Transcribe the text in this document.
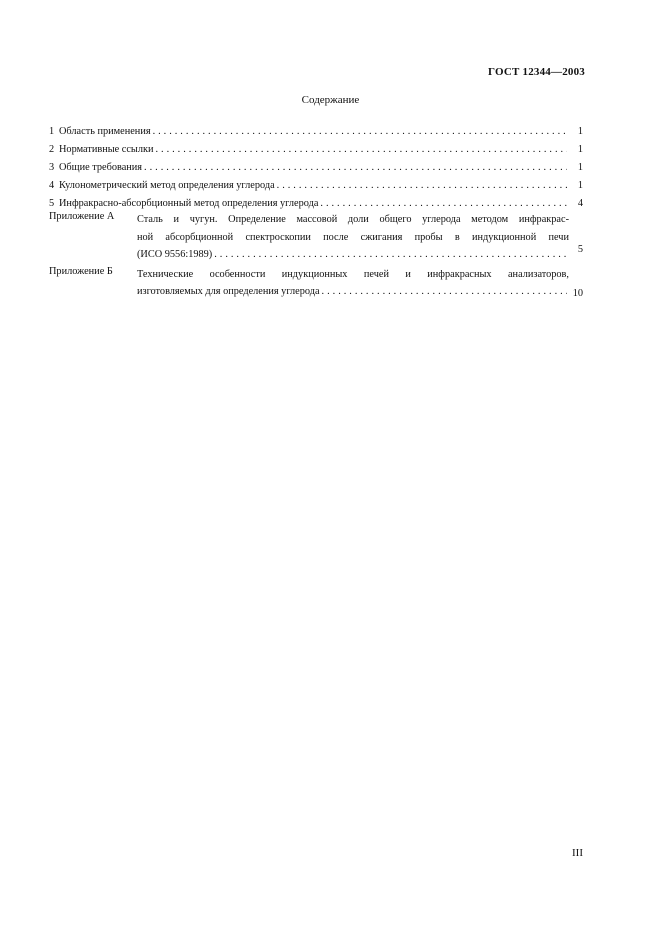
ГОСТ 12344—2003
Содержание
1 Область применения . . .	1
2 Нормативные ссылки . . .	1
3 Общие требования . . .	1
4 Кулонометрический метод определения углерода . . .	1
5 Инфракрасно-абсорбционный метод определения углерода . . .	4
Приложение А	Сталь и чугун. Определение массовой доли общего углерода методом инфракрас-
ной абсорбционной спектроскопии после сжигания пробы в индукционной печи
(ИСО 9556:1989) . . .	5
Приложение Б	Технические особенности индукционных печей и инфракрасных анализаторов,
изготовляемых для определения углерода . . .	10
III
